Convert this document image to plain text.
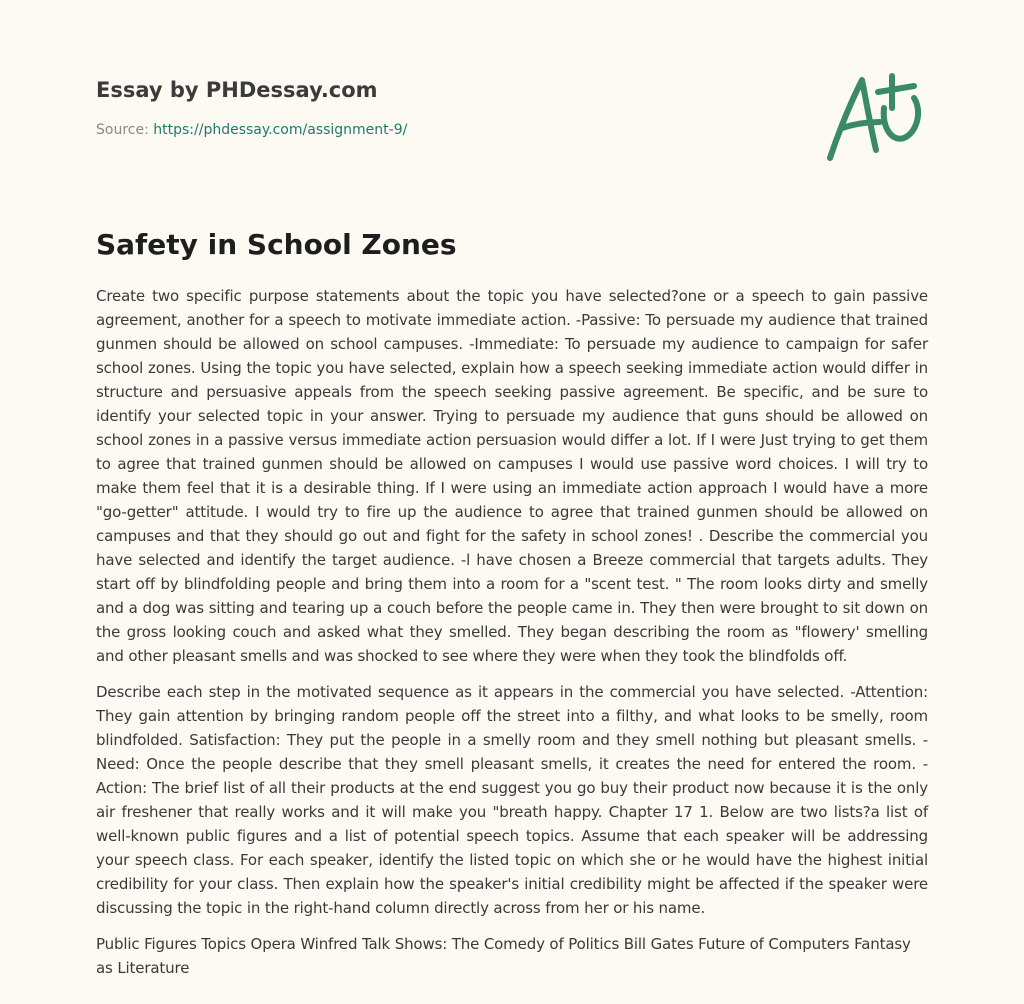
Essay by PHDessay.com
Source: https://phdessay.com/assignment-9/
Safety in School Zones

Create two specific purpose statements about the topic you have selected?one or a speech to gain passive agreement, another for a speech to motivate immediate action. -Passive: To persuade my audience that trained gunmen should be allowed on school campuses. -Immediate: To persuade my audience to campaign for safer school zones. Using the topic you have selected, explain how a speech seeking immediate action would differ in structure and persuasive appeals from the speech seeking passive agreement. Be specific, and be sure to identify your selected topic in your answer. Trying to persuade my audience that guns should be allowed on school zones in a passive versus immediate action persuasion would differ a lot. If I were Just trying to get them to agree that trained gunmen should be allowed on campuses I would use passive word choices. I will try to make them feel that it is a desirable thing. If I were using an immediate action approach I would have a more "go-getter" attitude. I would try to fire up the audience to agree that trained gunmen should be allowed on campuses and that they should go out and fight for the safety in school zones! . Describe the commercial you have selected and identify the target audience. -l have chosen a Breeze commercial that targets adults. They start off by blindfolding people and bring them into a room for a "scent test. " The room looks dirty and smelly and a dog was sitting and tearing up a couch before the people came in. They then were brought to sit down on the gross looking couch and asked what they smelled. They began describing the room as "flowery' smelling and other pleasant smells and was shocked to see where they were when they took the blindfolds off.

Describe each step in the motivated sequence as it appears in the commercial you have selected. -Attention: They gain attention by bringing random people off the street into a filthy, and what looks to be smelly, room blindfolded. Satisfaction: They put the people in a smelly room and they smell nothing but pleasant smells. -Need: Once the people describe that they smell pleasant smells, it creates the need for entered the room. -Action: The brief list of all their products at the end suggest you go buy their product now because it is the only air freshener that really works and it will make you "breath happy. Chapter 17 1. Below are two lists?a list of well-known public figures and a list of potential speech topics. Assume that each speaker will be addressing your speech class. For each speaker, identify the listed topic on which she or he would have the highest initial credibility for your class. Then explain how the speaker's initial credibility might be affected if the speaker were discussing the topic in the right-hand column directly across from her or his name.

Public Figures Topics Opera Winfred Talk Shows: The Comedy of Politics Bill Gates Future of Computers Fantasy as Literature
